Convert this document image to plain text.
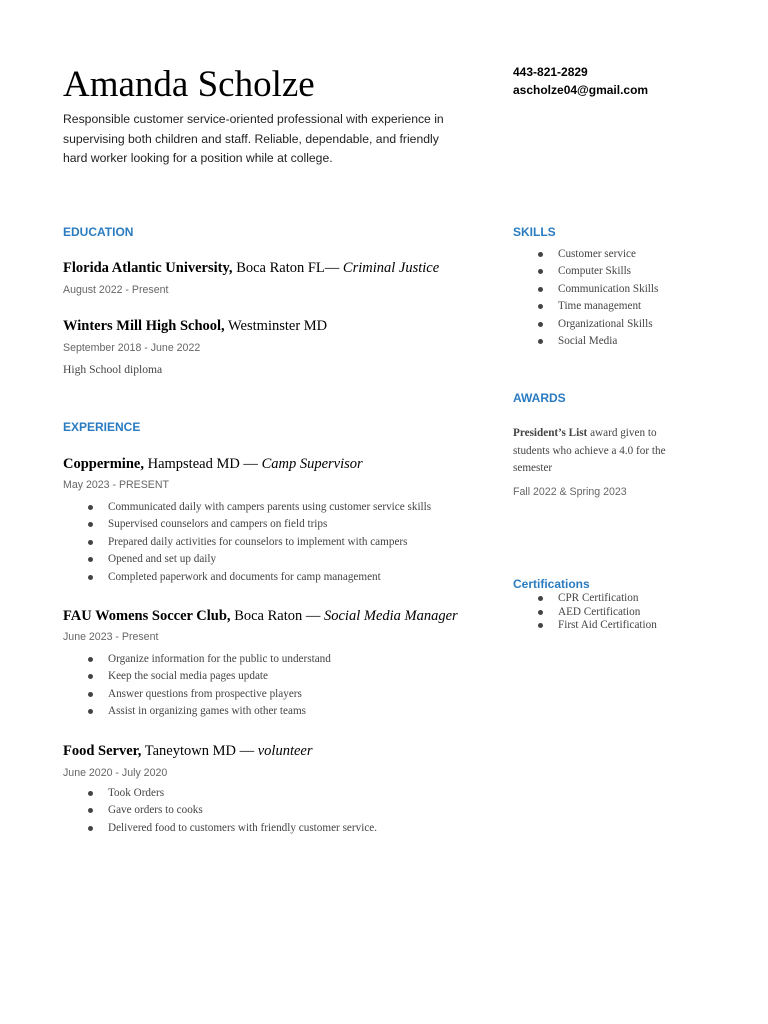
Amanda Scholze

Responsible customer service-oriented professional with experience in supervising both children and staff. Reliable, dependable, and friendly hard worker looking for a position while at college.

443-821-2829
ascholze04@gmail.com
EDUCATION
Florida Atlantic University, Boca Raton FL— Criminal Justice
August 2022 - Present
Winters Mill High School, Westminster MD
September 2018 - June 2022
High School diploma
EXPERIENCE
Coppermine, Hampstead MD — Camp Supervisor
May 2023 - PRESENT
Communicated daily with campers parents using customer service skills
Supervised counselors and campers on field trips
Prepared daily activities for counselors to implement with campers
Opened and set up daily
Completed paperwork and documents for camp management
FAU Womens Soccer Club, Boca Raton — Social Media Manager
June 2023 - Present
Organize information for the public to understand
Keep the social media pages update
Answer questions from prospective players
Assist in organizing games with other teams
Food Server, Taneytown MD — volunteer
June 2020 - July 2020
Took Orders
Gave orders to cooks
Delivered food to customers with friendly customer service.
SKILLS
Customer service
Computer Skills
Communication Skills
Time management
Organizational Skills
Social Media
AWARDS
President’s List award given to students who achieve a 4.0 for the semester
Fall 2022 & Spring 2023
Certifications
CPR Certification
AED Certification
First Aid Certification
